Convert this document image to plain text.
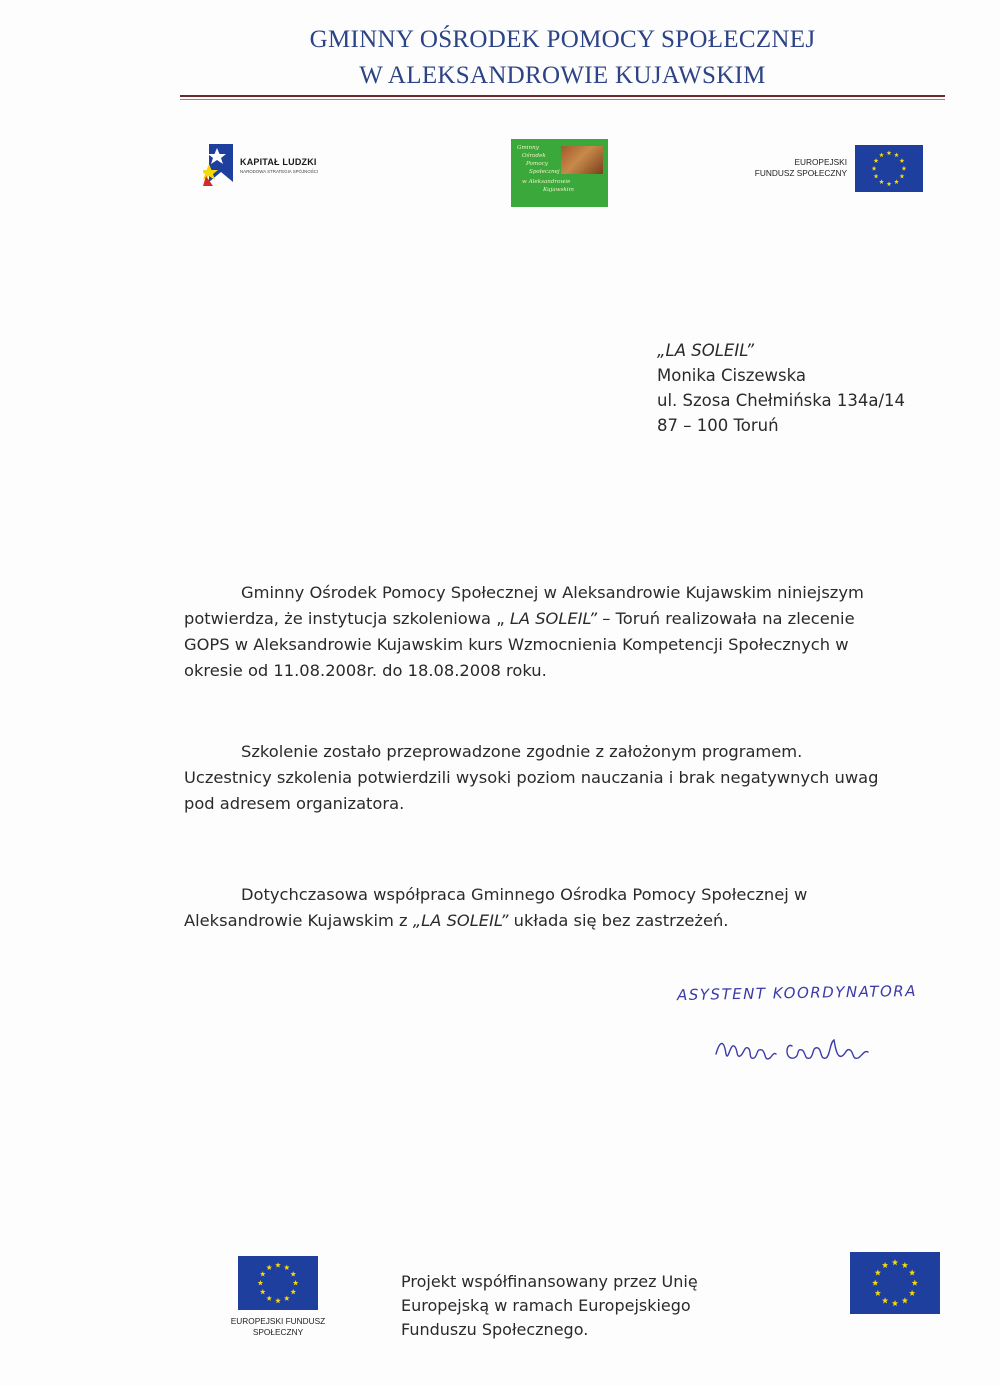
GMINNY OŚRODEK POMOCY SPOŁECZNEJ
W ALEKSANDROWIE KUJAWSKIM
KAPITAŁ LUDZKI
NARODOWA STRATEGIA SPÓJNOŚCI
Gminny
Ośrodek
Pomocy
Społecznej
w Aleksandrowie
Kujawskim
EUROPEJSKI
FUNDUSZ SPOŁECZNY
„LA SOLEIL”
Monika Ciszewska
ul. Szosa Chełmińska 134a/14
87 – 100 Toruń
Gminny Ośrodek Pomocy Społecznej w Aleksandrowie Kujawskim niniejszym
potwierdza, że instytucja szkoleniowa „ LA SOLEIL” – Toruń realizowała na zlecenie
GOPS w Aleksandrowie Kujawskim kurs Wzmocnienia Kompetencji Społecznych w
okresie od 11.08.2008r. do 18.08.2008 roku.
Szkolenie zostało przeprowadzone zgodnie z założonym programem.
Uczestnicy szkolenia potwierdzili wysoki poziom nauczania i brak negatywnych uwag
pod adresem organizatora.
Dotychczasowa współpraca Gminnego Ośrodka Pomocy Społecznej w
Aleksandrowie Kujawskim z „LA SOLEIL” układa się bez zastrzeżeń.
ASYSTENT KOORDYNATORA
EUROPEJSKI FUNDUSZ
SPOŁECZNY
Projekt współfinansowany przez Unię
Europejską w ramach Europejskiego
Funduszu Społecznego.
